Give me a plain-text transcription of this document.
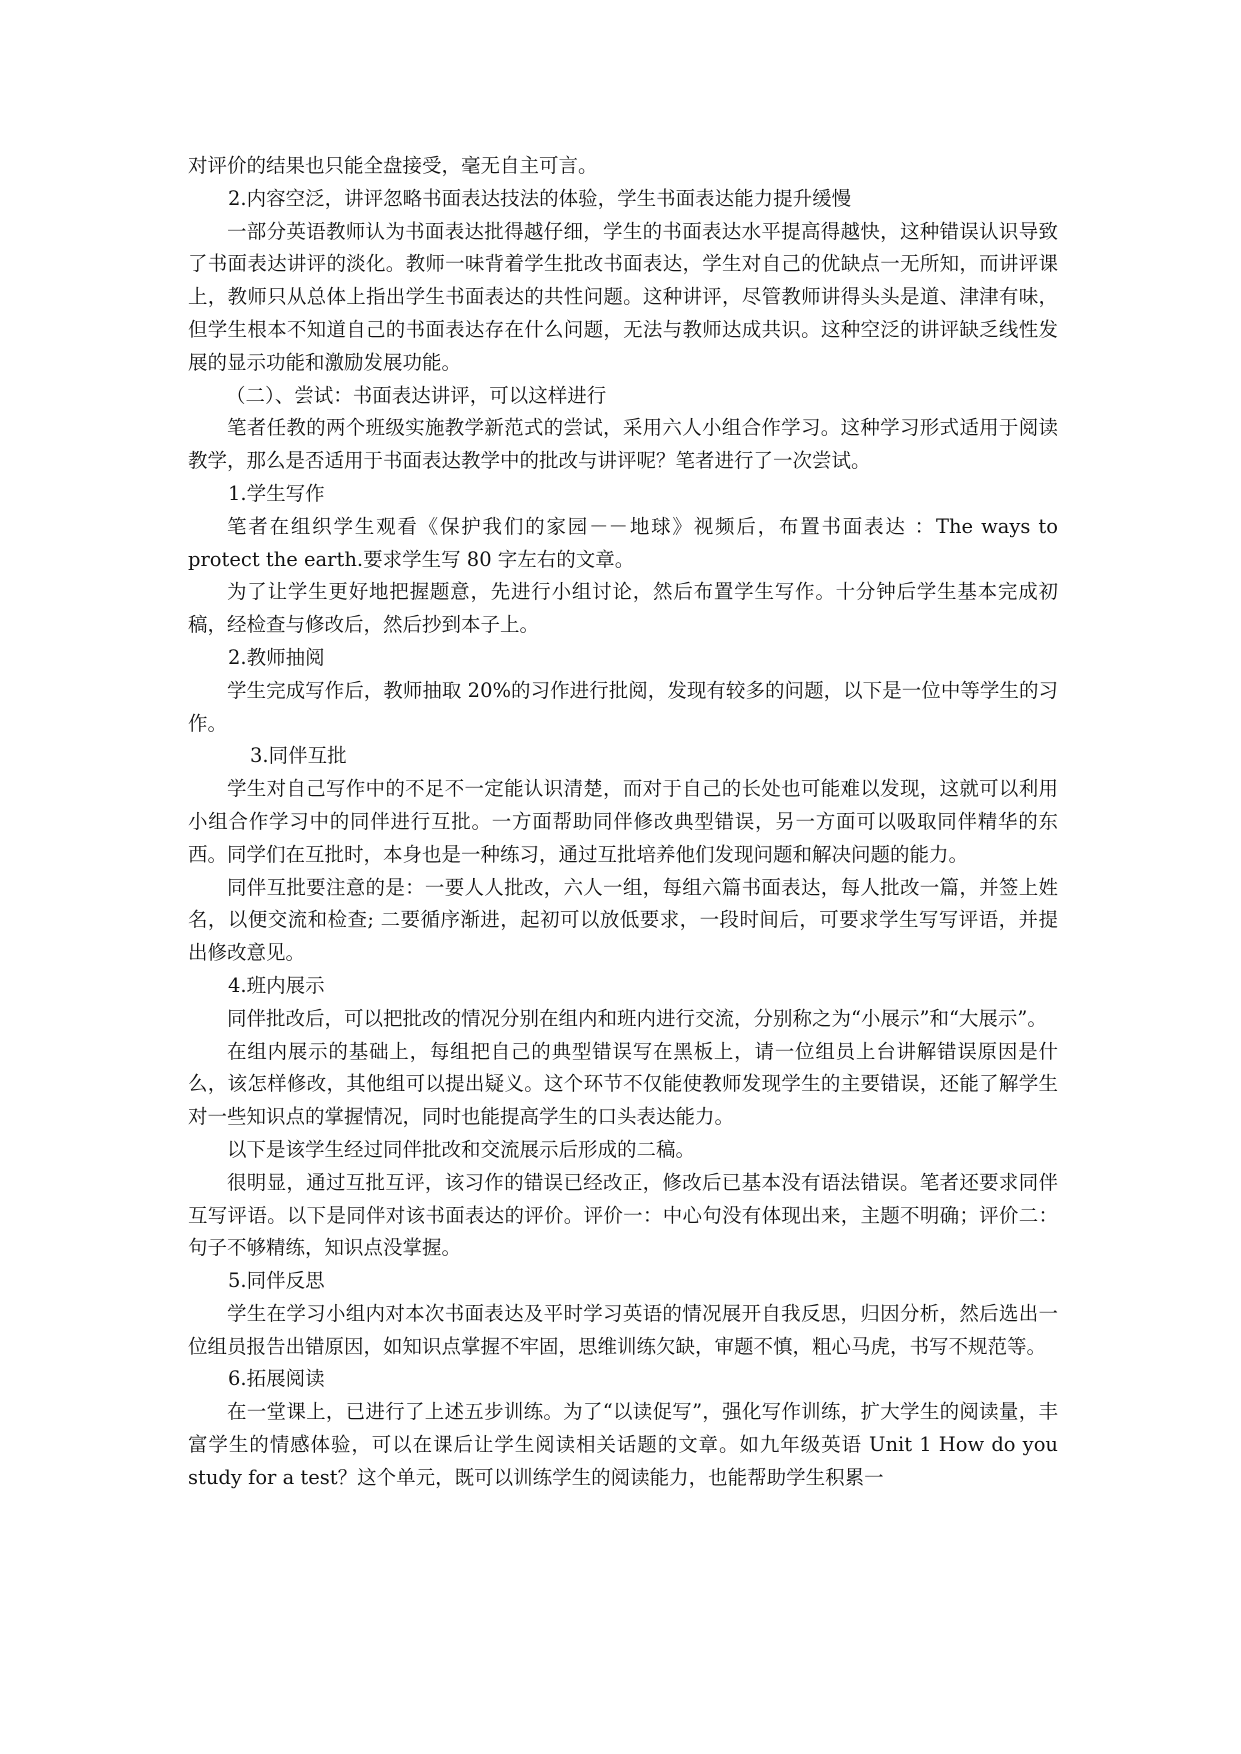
对评价的结果也只能全盘接受，毫无自主可言。

2.内容空泛，讲评忽略书面表达技法的体验，学生书面表达能力提升缓慢

一部分英语教师认为书面表达批得越仔细，学生的书面表达水平提高得越快，这种错误认识导致了书面表达讲评的淡化。教师一味背着学生批改书面表达，学生对自己的优缺点一无所知，而讲评课上，教师只从总体上指出学生书面表达的共性问题。这种讲评，尽管教师讲得头头是道、津津有味，但学生根本不知道自己的书面表达存在什么问题，无法与教师达成共识。这种空泛的讲评缺乏线性发展的显示功能和激励发展功能。

（二）、尝试：书面表达讲评，可以这样进行

笔者任教的两个班级实施教学新范式的尝试，采用六人小组合作学习。这种学习形式适用于阅读教学，那么是否适用于书面表达教学中的批改与讲评呢？笔者进行了一次尝试。

1.学生写作

笔者在组织学生观看《保护我们的家园－－地球》视频后，布置书面表达 ：The ways to protect the earth.要求学生写 80 字左右的文章。

为了让学生更好地把握题意，先进行小组讨论，然后布置学生写作。十分钟后学生基本完成初稿，经检查与修改后，然后抄到本子上。

2.教师抽阅

学生完成写作后，教师抽取 20%的习作进行批阅，发现有较多的问题，以下是一位中等学生的习作。

3.同伴互批

学生对自己写作中的不足不一定能认识清楚，而对于自己的长处也可能难以发现，这就可以利用小组合作学习中的同伴进行互批。一方面帮助同伴修改典型错误，另一方面可以吸取同伴精华的东西。同学们在互批时，本身也是一种练习，通过互批培养他们发现问题和解决问题的能力。

同伴互批要注意的是：一要人人批改，六人一组，每组六篇书面表达，每人批改一篇，并签上姓名，以便交流和检查; 二要循序渐进，起初可以放低要求，一段时间后，可要求学生写写评语，并提出修改意见。

4.班内展示

同伴批改后，可以把批改的情况分别在组内和班内进行交流，分别称之为“小展示”和“大展示”。

在组内展示的基础上，每组把自己的典型错误写在黑板上，请一位组员上台讲解错误原因是什么，该怎样修改，其他组可以提出疑义。这个环节不仅能使教师发现学生的主要错误，还能了解学生对一些知识点的掌握情况，同时也能提高学生的口头表达能力。

以下是该学生经过同伴批改和交流展示后形成的二稿。

很明显，通过互批互评，该习作的错误已经改正，修改后已基本没有语法错误。笔者还要求同伴互写评语。以下是同伴对该书面表达的评价。评价一：中心句没有体现出来，主题不明确；评价二：句子不够精练，知识点没掌握。

5.同伴反思

学生在学习小组内对本次书面表达及平时学习英语的情况展开自我反思，归因分析，然后选出一位组员报告出错原因，如知识点掌握不牢固，思维训练欠缺，审题不慎，粗心马虎，书写不规范等。

6.拓展阅读

在一堂课上，已进行了上述五步训练。为了“以读促写”，强化写作训练，扩大学生的阅读量，丰富学生的情感体验，可以在课后让学生阅读相关话题的文章。如九年级英语 Unit 1 How do you study for a test？这个单元，既可以训练学生的阅读能力，也能帮助学生积累一
